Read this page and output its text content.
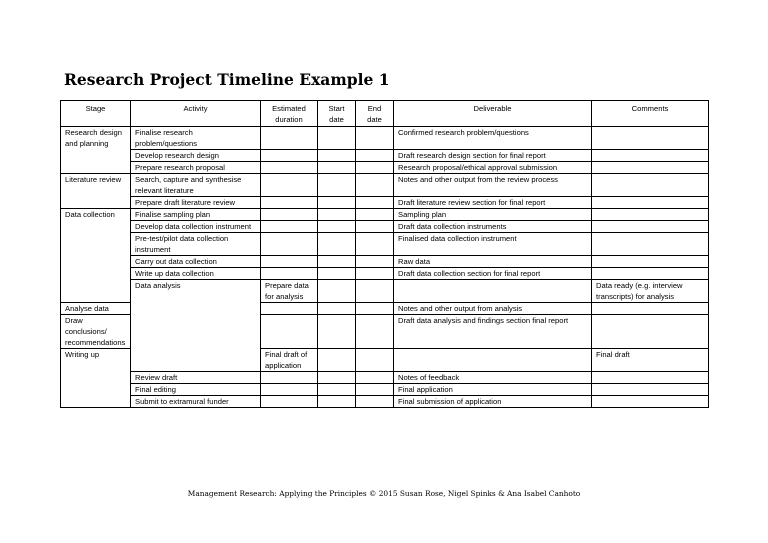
Research Project Timeline Example 1
Stage	Activity	Estimated duration	Start date	End date	Deliverable	Comments	
Research design and planning	Finalise research problem/questions				Confirmed research problem/questions		
	Develop research design				Draft research design section for final report		
	Prepare research proposal				Research proposal/ethical approval submission		
Literature review	Search, capture and synthesise relevant literature				Notes and other output from the review process		
	Prepare draft literature review				Draft literature review section for final report		
Data collection	Finalise sampling plan				Sampling plan		
	Develop data collection instrument				Draft data collection instruments		
	Pre-test/pilot data collection instrument				Finalised data collection instrument		
	Carry out data collection				Raw data		
	Write up data collection				Draft data collection section for final report		
	Data analysis	Prepare data for analysis				Data ready (e.g. interview transcripts) for analysis	
Analyse data					Notes and other output from analysis		
Draw conclusions/ recommendations					Draft data analysis and findings section final report		
Writing up		Final draft of application				Final draft	
	Review draft				Notes of feedback		
	Final editing				Final application		
	Submit to extramural funder				Final submission of application		
Management Research: Applying the Principles © 2015 Susan Rose, Nigel Spinks & Ana Isabel Canhoto
